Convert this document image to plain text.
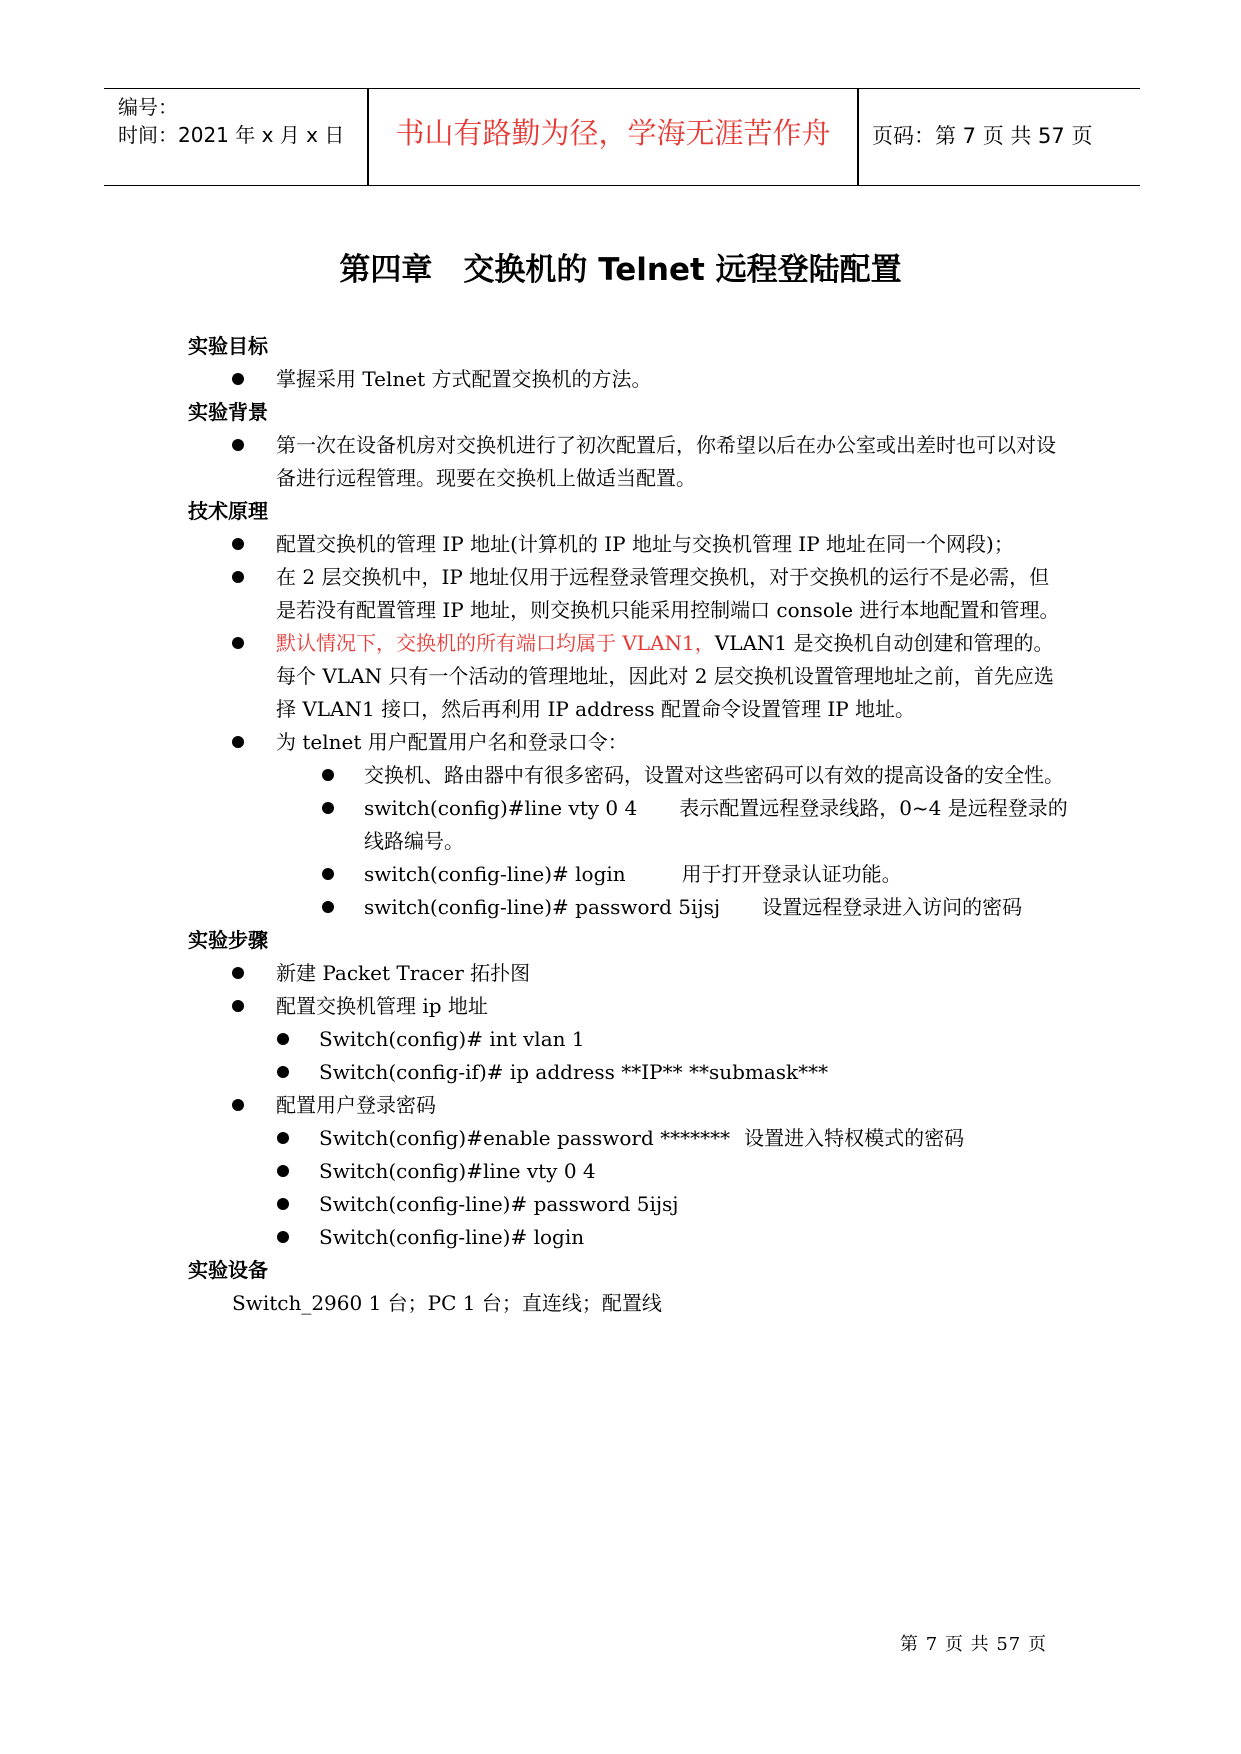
编号：
时间：2021 年 x 月 x 日	书山有路勤为径，学海无涯苦作舟	页码：第 7 页 共 57 页
第四章　交换机的 Telnet 远程登陆配置
实验目标
掌握采用 Telnet 方式配置交换机的方法。
实验背景
第一次在设备机房对交换机进行了初次配置后，你希望以后在办公室或出差时也可以对设备进行远程管理。现要在交换机上做适当配置。
技术原理
配置交换机的管理 IP 地址(计算机的 IP 地址与交换机管理 IP 地址在同一个网段)；
在 2 层交换机中，IP 地址仅用于远程登录管理交换机，对于交换机的运行不是必需，但是若没有配置管理 IP 地址，则交换机只能采用控制端口 console 进行本地配置和管理。
默认情况下，交换机的所有端口均属于 VLAN1，VLAN1 是交换机自动创建和管理的。每个 VLAN 只有一个活动的管理地址，因此对 2 层交换机设置管理地址之前，首先应选择 VLAN1 接口，然后再利用 IP address 配置命令设置管理 IP 地址。
为 telnet 用户配置用户名和登录口令：
交换机、路由器中有很多密码，设置对这些密码可以有效的提高设备的安全性。
switch(config)#line vty 0 4 表示配置远程登录线路，0~4 是远程登录的线路编号。
switch(config-line)# login	用于打开登录认证功能。
switch(config-line)# password 5ijsj 设置远程登录进入访问的密码
实验步骤
新建 Packet Tracer 拓扑图
配置交换机管理 ip 地址
Switch(config)# int vlan 1
Switch(config-if)# ip address **IP** **submask***
配置用户登录密码
Switch(config)#enable password ******* 设置进入特权模式的密码
Switch(config)#line vty 0 4
Switch(config-line)# password 5ijsj
Switch(config-line)# login
实验设备
Switch_2960 1 台；PC 1 台；直连线；配置线
第 7 页 共 57 页
